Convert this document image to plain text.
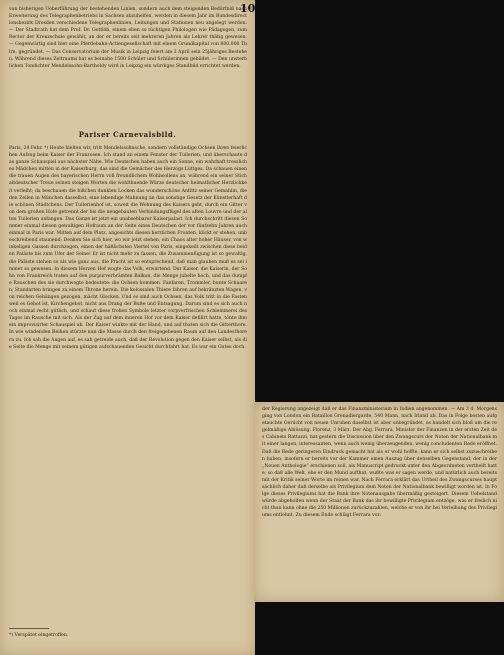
10
von bisherigen Ueberführung der bestehenden Linien, sondern auch dem steigenden Bedürfniß nach Erweiterung des Telegraphenbetriebs in Sachsen abzuhelfen, werden in diesem Jahr im Bundesdirectionsbezirk Dresden verschiedene Telegraphenlinien, Leitungen und Stationen neu angelegt werden. — Der Stadtrath hat dem Prof. Dr. Gottlöb, einem eben so tüchtigen Philologen wie Pädagogen, zum Rector der Kreuzschule gewählt, an der er bereits seit mehreren Jahren als Lehrer thätig gewesen. — Gegenwärtig sind hier eine Pferdebahn-Actiengesellschaft mit einem Grundkapital von 800,000 Thlrn. gegründet. — Das Conservatorium der Musik in Leipzig feiert am 2 April sein 25jähriges Bestehen. Während dieses Zeitraums hat es beinahe 1500 Schüler und Schülerinnen gebildet. — Den unsterblichen Tondichter Mendelssohn-Bartholdy wird in Leipzig ein würdiges Standbild errichtet werden.
Pariser Carnevalsbild.
Paris, 24 Febr. *) Heute hielten wir, tritt Mendelssohnsche, sondern vollständige Ochsen ihren feierlichen Aufzug beim Kaiser der Franzosen. Ich stand an einem Fenster der Tuilerien, und überschaute das ganze Schauspiel aus nächster Nähe. Wie Deutschen haben auch ein Sonne, ein wahrhaft tressliches Mädchen mitten in der Kaiserburg, das sind die Gemächer des Herzogs Lüttges. Da schauen einen die trauen Augen des bayerischen Herrn voll freundlichem Wohlwollens an, während ein seiner Stich altdeutscher Treue seinen steigen Worten die wohlthuende Würze deutscher heimatlicher Herzlichkeit verleiht; da beschauen die bißchen dunklen Locken das wunderschöne Antlitz seiner Gemahlin, die den Zeilen in München dasselbst, eine lebendige Mahnung an das sonstige Gesetz der Künstlerhaft die schönen Städtchens. Der Tuilerienhof ist, soweit die Wohnung des Kaisers geht, durch ein Gitter von dem großen Hofe getrennt der bis die neugebauten Verbindungsflügel des alten Louvre und der alten Tuilerien anfangen. Das Ganze ist jetzt ein unabsehbarer Kaiserpalast. Ich durchschritt diesen Sommer einmal diesen gewaltigen Hofraum an der Seite eines Deutschen der vor fünfzehn Jahren auch einmal in Paris war. Mitten auf dem Platz, angesichts diesen herrlichen Fronten, klickt er stehen, unbeschreibend staunend: Denken Sie sich hier, wo wir jetzt stehen, ein Chaos alter hoher Häuser, von winkeligen Gassen durchzogen, einen der häßlichsten Viertel von Paris, eingekeilt zwischen diese beiden Paläste bis zum Ufer der Seine! Er ist nicht mehr zu fassen, die Zusammenfügung ist so gewaltig, die Paläste stehen so als wie ganz aus, die Pracht ist so entsprechend, daß man glauben muß es sei immer so gewesen. In diesem Herzen Hof wogte das Volk, erwartend. Der Kaiser, die Kaiserin, der Sohn von Frankreich traten auf den purpurverbrämten Balkon, die Menge jubelte hoch, und das dumpfe Rauschen des sie durchwogte bedeutete: die Ochsen kommen. Fanfaren, Trommler, bunte Schaaren, Standarten bringen zu einem Throne herein. Die kolossalen Thiere fahren auf bekränzten Wagen, von reichen Gehängen gezogen, mächt Glocken. Und es sind auch Ochsen, das Volk tritt in die Fasten weil es Gebot ist, Kirchengebot, nicht aus Drang der Buße und Entsagung. Darum sind es sich auch noch einmal recht gütlich, und schaut diese frohen Symbole letzter vorpverfrischen Schlemmerei des Tages im Rausche mit sich. Als der Zug auf dem inneren Hof vor dem Kaiser defilirt hatte, tönte ihm ein improvisirter Schauspiel ab. Der Kaiser winkte mit der Hand, und auf thaten sich die Gitterthore. In wie windenden Reihen stürzte nun die Masse durch den freigegebenen Raum auf den Landesthorern zu. Ich sah die Augen auf, es sah getreide auch, daß der Revolution gegen den Kaiser selbst, als die Seite die Menge mit seinem gütigen aufschauenden Gesicht durchfahrt hat. Es war ein Gutes doch.
*) Verspätet eingetroffen.
der Regierung angezeigt daß er das Finanzministerium in Indien angenommen. — Am 3 d. Morgens ging von London ein Bataillon Grenadiergarde, 540 Mann, nach Irland ab. Das in Folge besten aufgetauchte Gerücht von neuen Unruhen daselbst ist aber unbegründet, es handelt sich bloß um die regelmäßige Ablösung. Florenz, 3 März. Der Abg. Ferrara, Minister der Finanzen in der ersten Zeit des Cabinets Rattazzi, hat gestern die Discussion über den Zwangscurs der Noten der Nationalbank mit einer langen, interessanten, wenn auch wenig überzeugenden, wenig concludenten Rede eröffnet. Daß die Rede geringeren Eindruck gemacht hat als er wohl hoffte, kann er sich selbst zuzuschreiben haben, insofern er bereits vor der Kammer einen Auszug über denselben Gegenstand, der in der „Neuen Anthologie“ erschienen soll, als Manuscript gedruckt unter den Abgeordneten vertheilt hatte, so daß alle Welt, ehe er den Mund aufthat, wußte was er sagen werde, und natürlich auch bereits mit der Kritik seiner Worte im reinen war. Nach Ferrara erklärt das Urtheil des Zwangscurses hauptsächlich daher daß derselbe als Privilegium dem Noten der Nationalbank bewilligt worden ist. In Folge dieses Privilegiums hat die Bank ihre Notenausgabe übermäßig gesteigert. Diesem Uebelstand würde abgeholfen wenn der Staat der Bank das ihr bewilligte Privilegium entzöge, was er freilich nicht thun kann ohne die 250 Millionen zurückzuzahlen, welche er von ihr bei Verleihung des Privilegiums entlehnt. Zu diesem Ende schlägt Ferrara vor:
